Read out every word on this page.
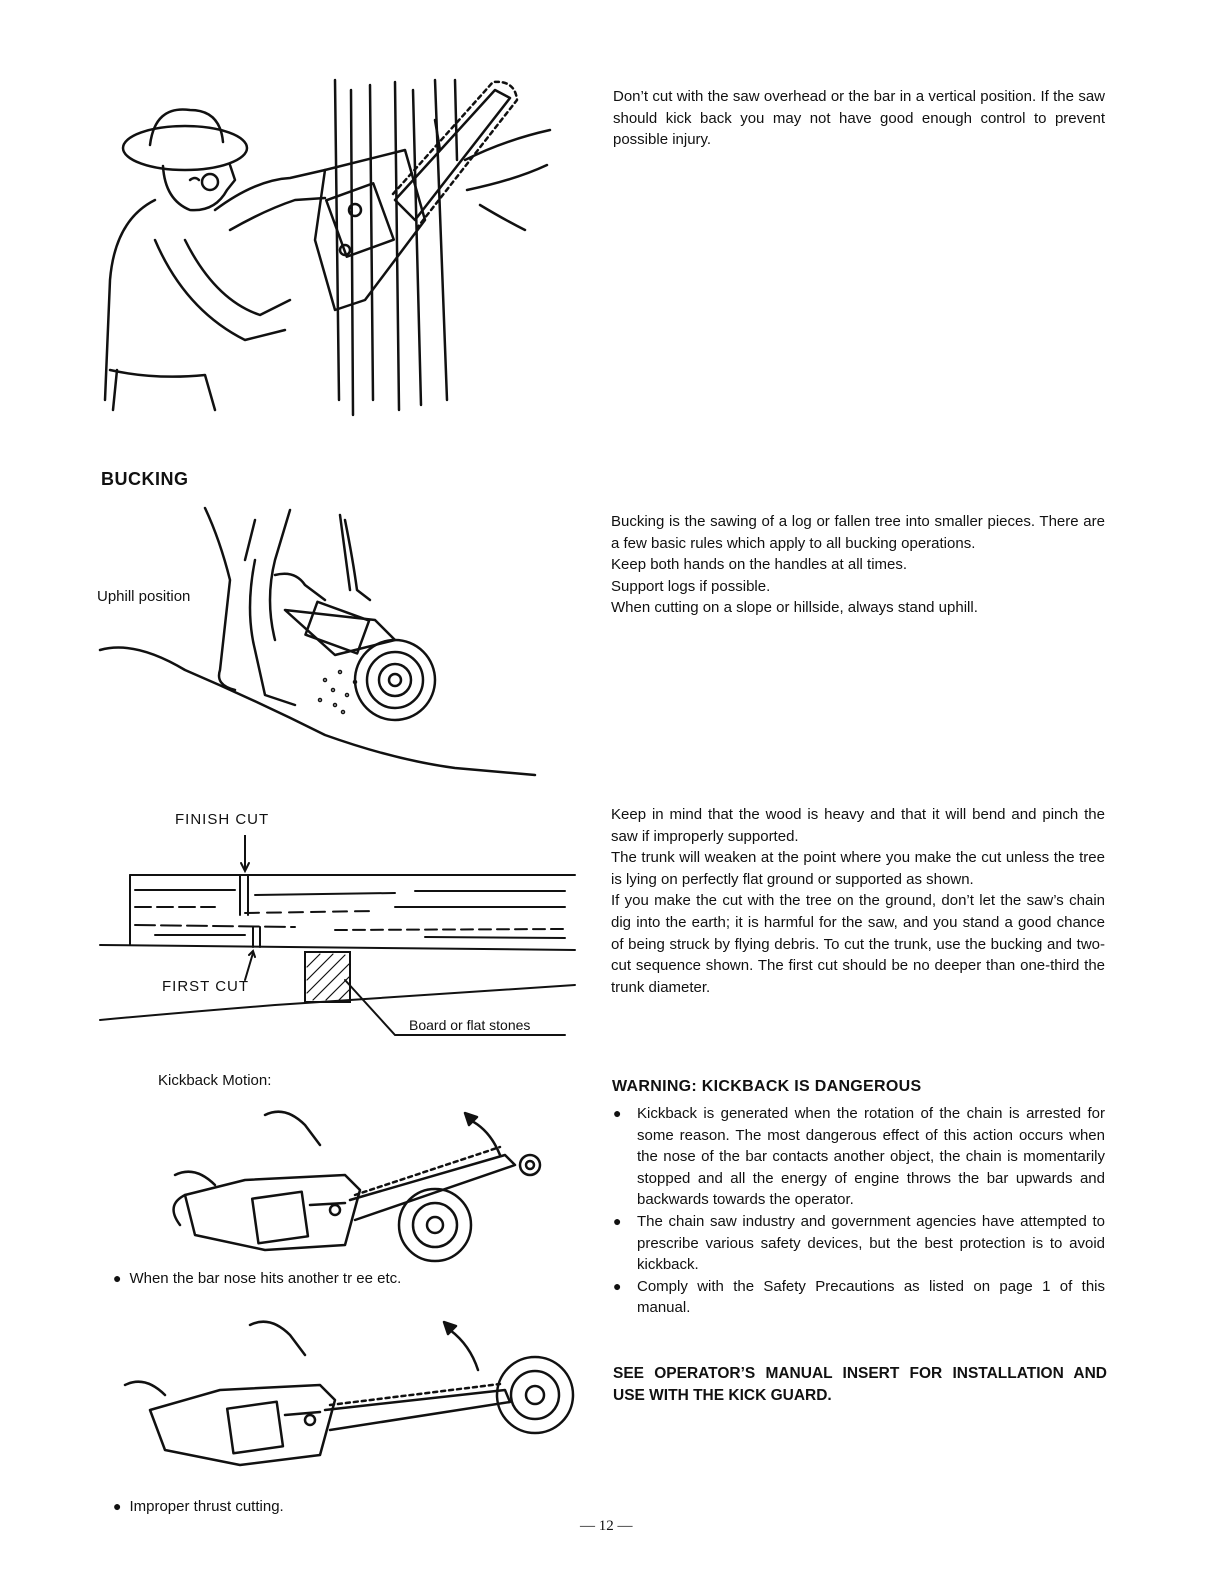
Don’t cut with the saw overhead or the bar in a vertical position. If the saw should kick back you may not have good enough control to prevent possible injury.

BUCKING
Uphill position

Bucking is the sawing of a log or fallen tree into smaller pieces. There are a few basic rules which apply to all bucking operations.

Keep both hands on the handles at all times.

Support logs if possible.

When cutting on a slope or hillside, always stand uphill.

FINISH CUT
FIRST CUT
Board or flat stones

Keep in mind that the wood is heavy and that it will bend and pinch the saw if improperly supported.

The trunk will weaken at the point where you make the cut unless the tree is lying on perfectly flat ground or supported as shown.

If you make the cut with the tree on the ground, don’t let the saw’s chain dig into the earth; it is harmful for the saw, and you stand a good chance of being struck by flying debris. To cut the trunk, use the bucking and two-cut sequence shown. The first cut should be no deeper than one-third the trunk diameter.

Kickback Motion:
● When the bar nose hits another tr ee etc.
● Improper thrust cutting.
WARNING: KICKBACK IS DANGEROUS
● Kickback is generated when the rotation of the chain is arrested for some reason. The most dangerous effect of this action occurs when the nose of the bar contacts another object, the chain is momentarily stopped and all the energy of engine throws the bar upwards and backwards towards the operator.
● The chain saw industry and government agencies have attempted to prescribe various safety devices, but the best protection is to avoid kickback.
● Comply with the Safety Precautions as listed on page 1 of this manual.
SEE OPERATOR’S MANUAL INSERT FOR INSTALLATION AND USE WITH THE KICK GUARD.
— 12 —
